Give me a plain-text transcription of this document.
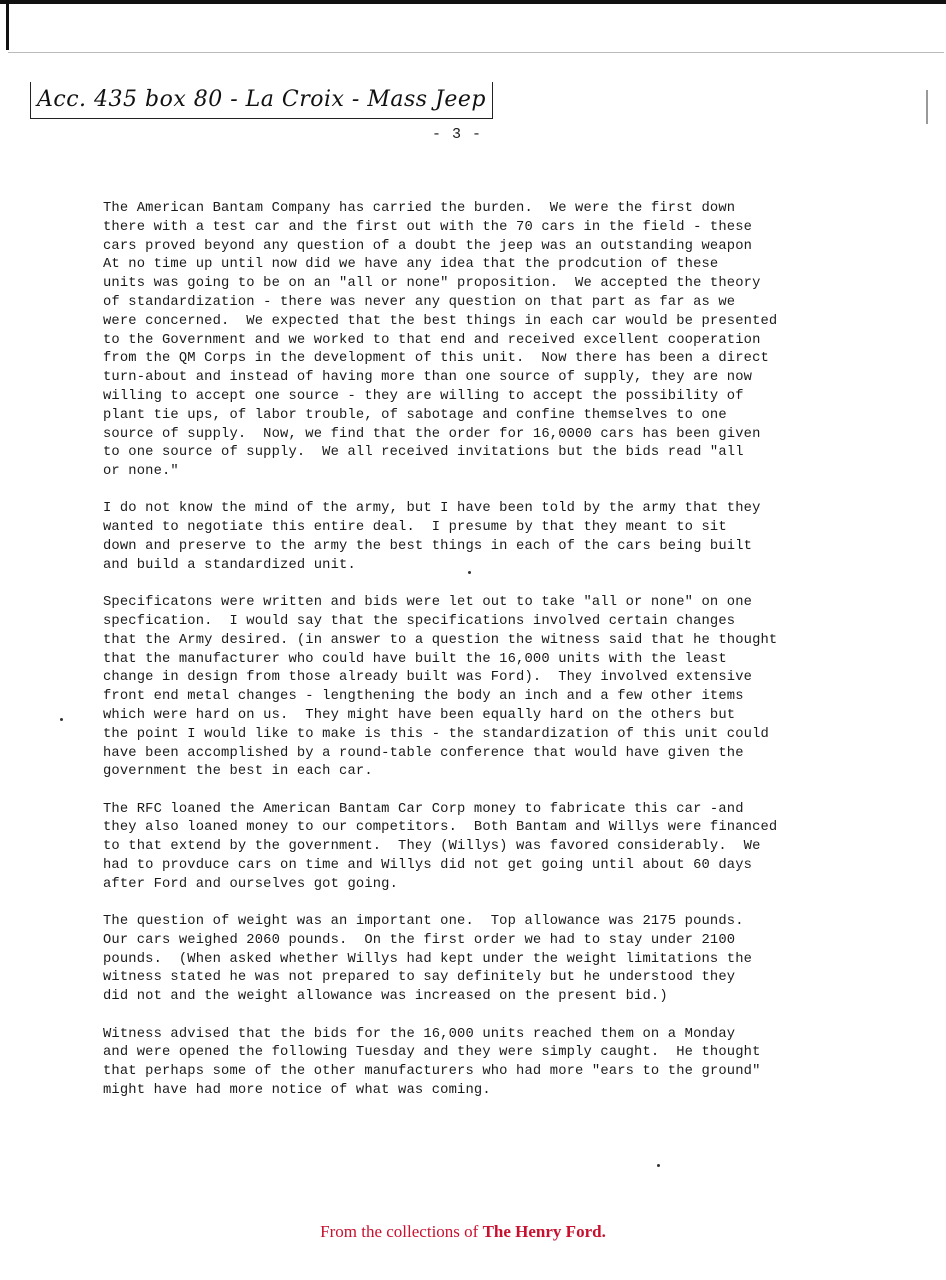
Acc. 435 box 80 - La Croix - Mass Jeep
- 3 -
The American Bantam Company has carried the burden.  We were the first down
there with a test car and the first out with the 70 cars in the field - these
cars proved beyond any question of a doubt the jeep was an outstanding weapon
At no time up until now did we have any idea that the prodcution of these
units was going to be on an "all or none" proposition.  We accepted the theory
of standardization - there was never any question on that part as far as we
were concerned.  We expected that the best things in each car would be presented
to the Government and we worked to that end and received excellent cooperation
from the QM Corps in the development of this unit.  Now there has been a direct
turn-about and instead of having more than one source of supply, they are now
willing to accept one source - they are willing to accept the possibility of
plant tie ups, of labor trouble, of sabotage and confine themselves to one
source of supply.  Now, we find that the order for 16,0000 cars has been given
to one source of supply.  We all received invitations but the bids read "all
or none."
I do not know the mind of the army, but I have been told by the army that they
wanted to negotiate this entire deal.  I presume by that they meant to sit
down and preserve to the army the best things in each of the cars being built
and build a standardized unit.
Specificatons were written and bids were let out to take "all or none" on one
specfication.  I would say that the specifications involved certain changes
that the Army desired. (in answer to a question the witness said that he thought
that the manufacturer who could have built the 16,000 units with the least
change in design from those already built was Ford).  They involved extensive
front end metal changes - lengthening the body an inch and a few other items
which were hard on us.  They might have been equally hard on the others but
the point I would like to make is this - the standardization of this unit could
have been accomplished by a round-table conference that would have given the
government the best in each car.
The RFC loaned the American Bantam Car Corp money to fabricate this car -and
they also loaned money to our competitors.  Both Bantam and Willys were financed
to that extend by the government.  They (Willys) was favored considerably.  We
had to provduce cars on time and Willys did not get going until about 60 days
after Ford and ourselves got going.
The question of weight was an important one.  Top allowance was 2175 pounds.
Our cars weighed 2060 pounds.  On the first order we had to stay under 2100
pounds.  (When asked whether Willys had kept under the weight limitations the
witness stated he was not prepared to say definitely but he understood they
did not and the weight allowance was increased on the present bid.)
Witness advised that the bids for the 16,000 units reached them on a Monday
and were opened the following Tuesday and they were simply caught.  He thought
that perhaps some of the other manufacturers who had more "ears to the ground"
might have had more notice of what was coming.
From the collections of The Henry Ford.
